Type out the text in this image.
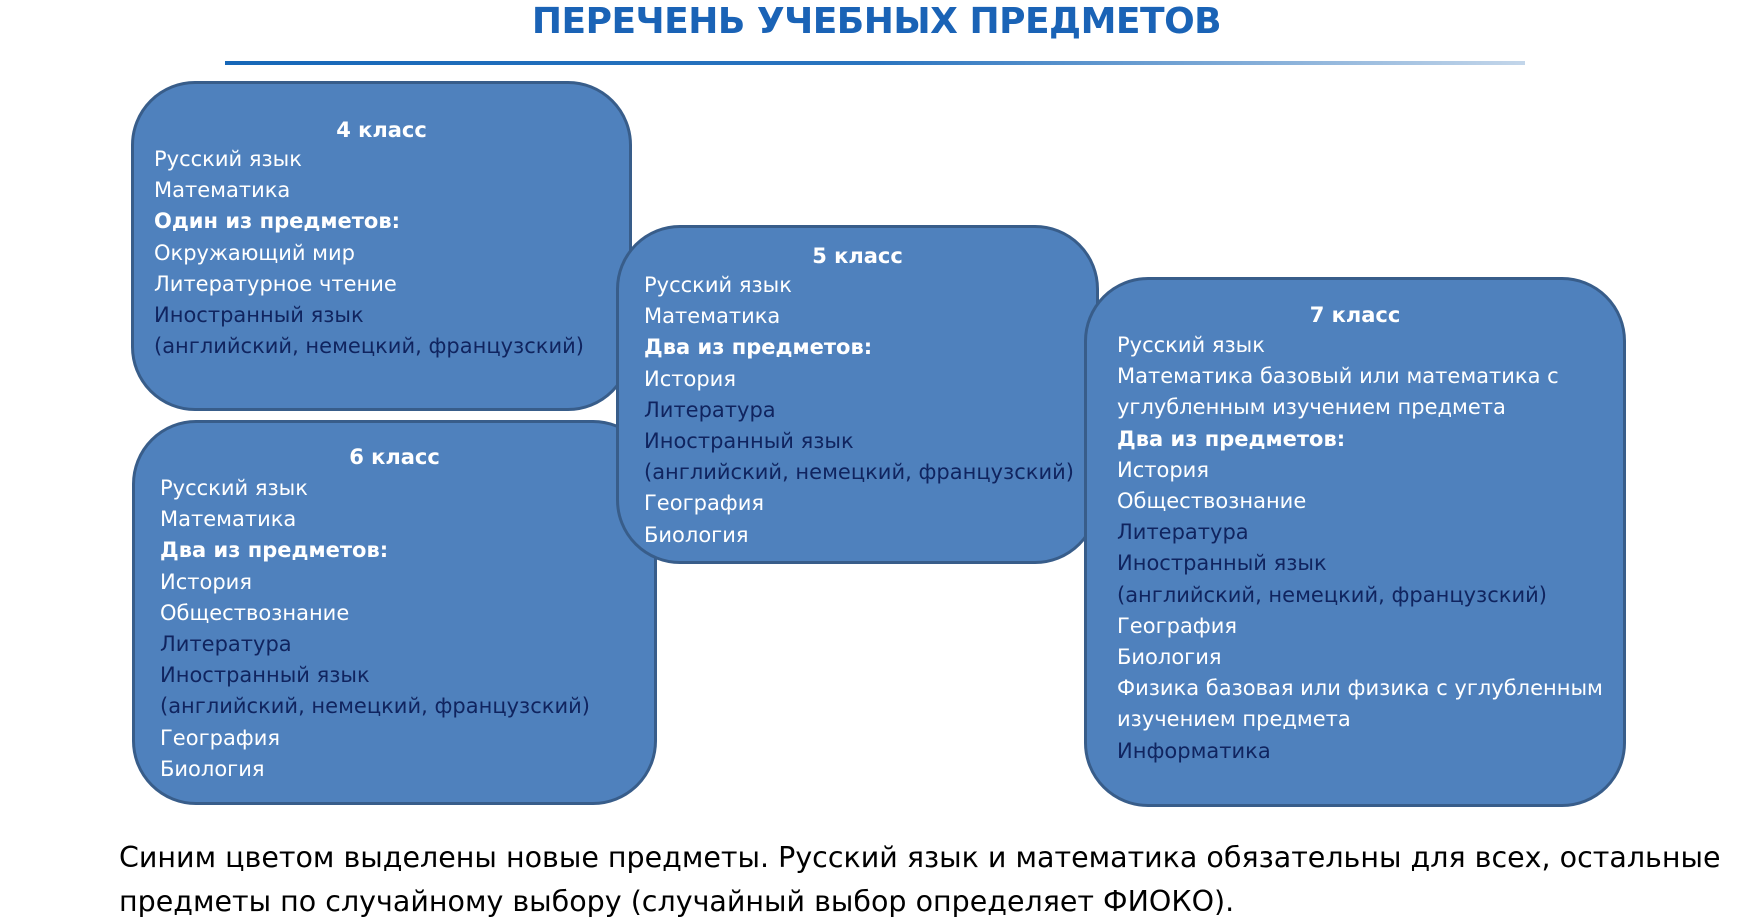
ПЕРЕЧЕНЬ УЧЕБНЫХ ПРЕДМЕТОВ
4 класс
Русский язык
Математика
Один из предметов:
Окружающий мир
Литературное чтение
Иностранный язык
(английский, немецкий, французский)
6 класс
Русский язык
Математика
Два из предметов:
История
Обществознание
Литература
Иностранный язык
(английский, немецкий, французский)
География
Биология
5 класс
Русский язык
Математика
Два из предметов:
История
Литература
Иностранный язык
(английский, немецкий, французский)
География
Биология
7 класс
Русский язык
Математика базовый или математика с
углубленным изучением предмета
Два из предметов:
История
Обществознание
Литература
Иностранный язык
(английский, немецкий, французский)
География
Биология
Физика базовая или физика с углубленным
изучением предмета
Информатика

Синим цветом выделены новые предметы. Русский язык и математика обязательны для всех, остальные
предметы по случайному выбору (случайный выбор определяет ФИОКО).
